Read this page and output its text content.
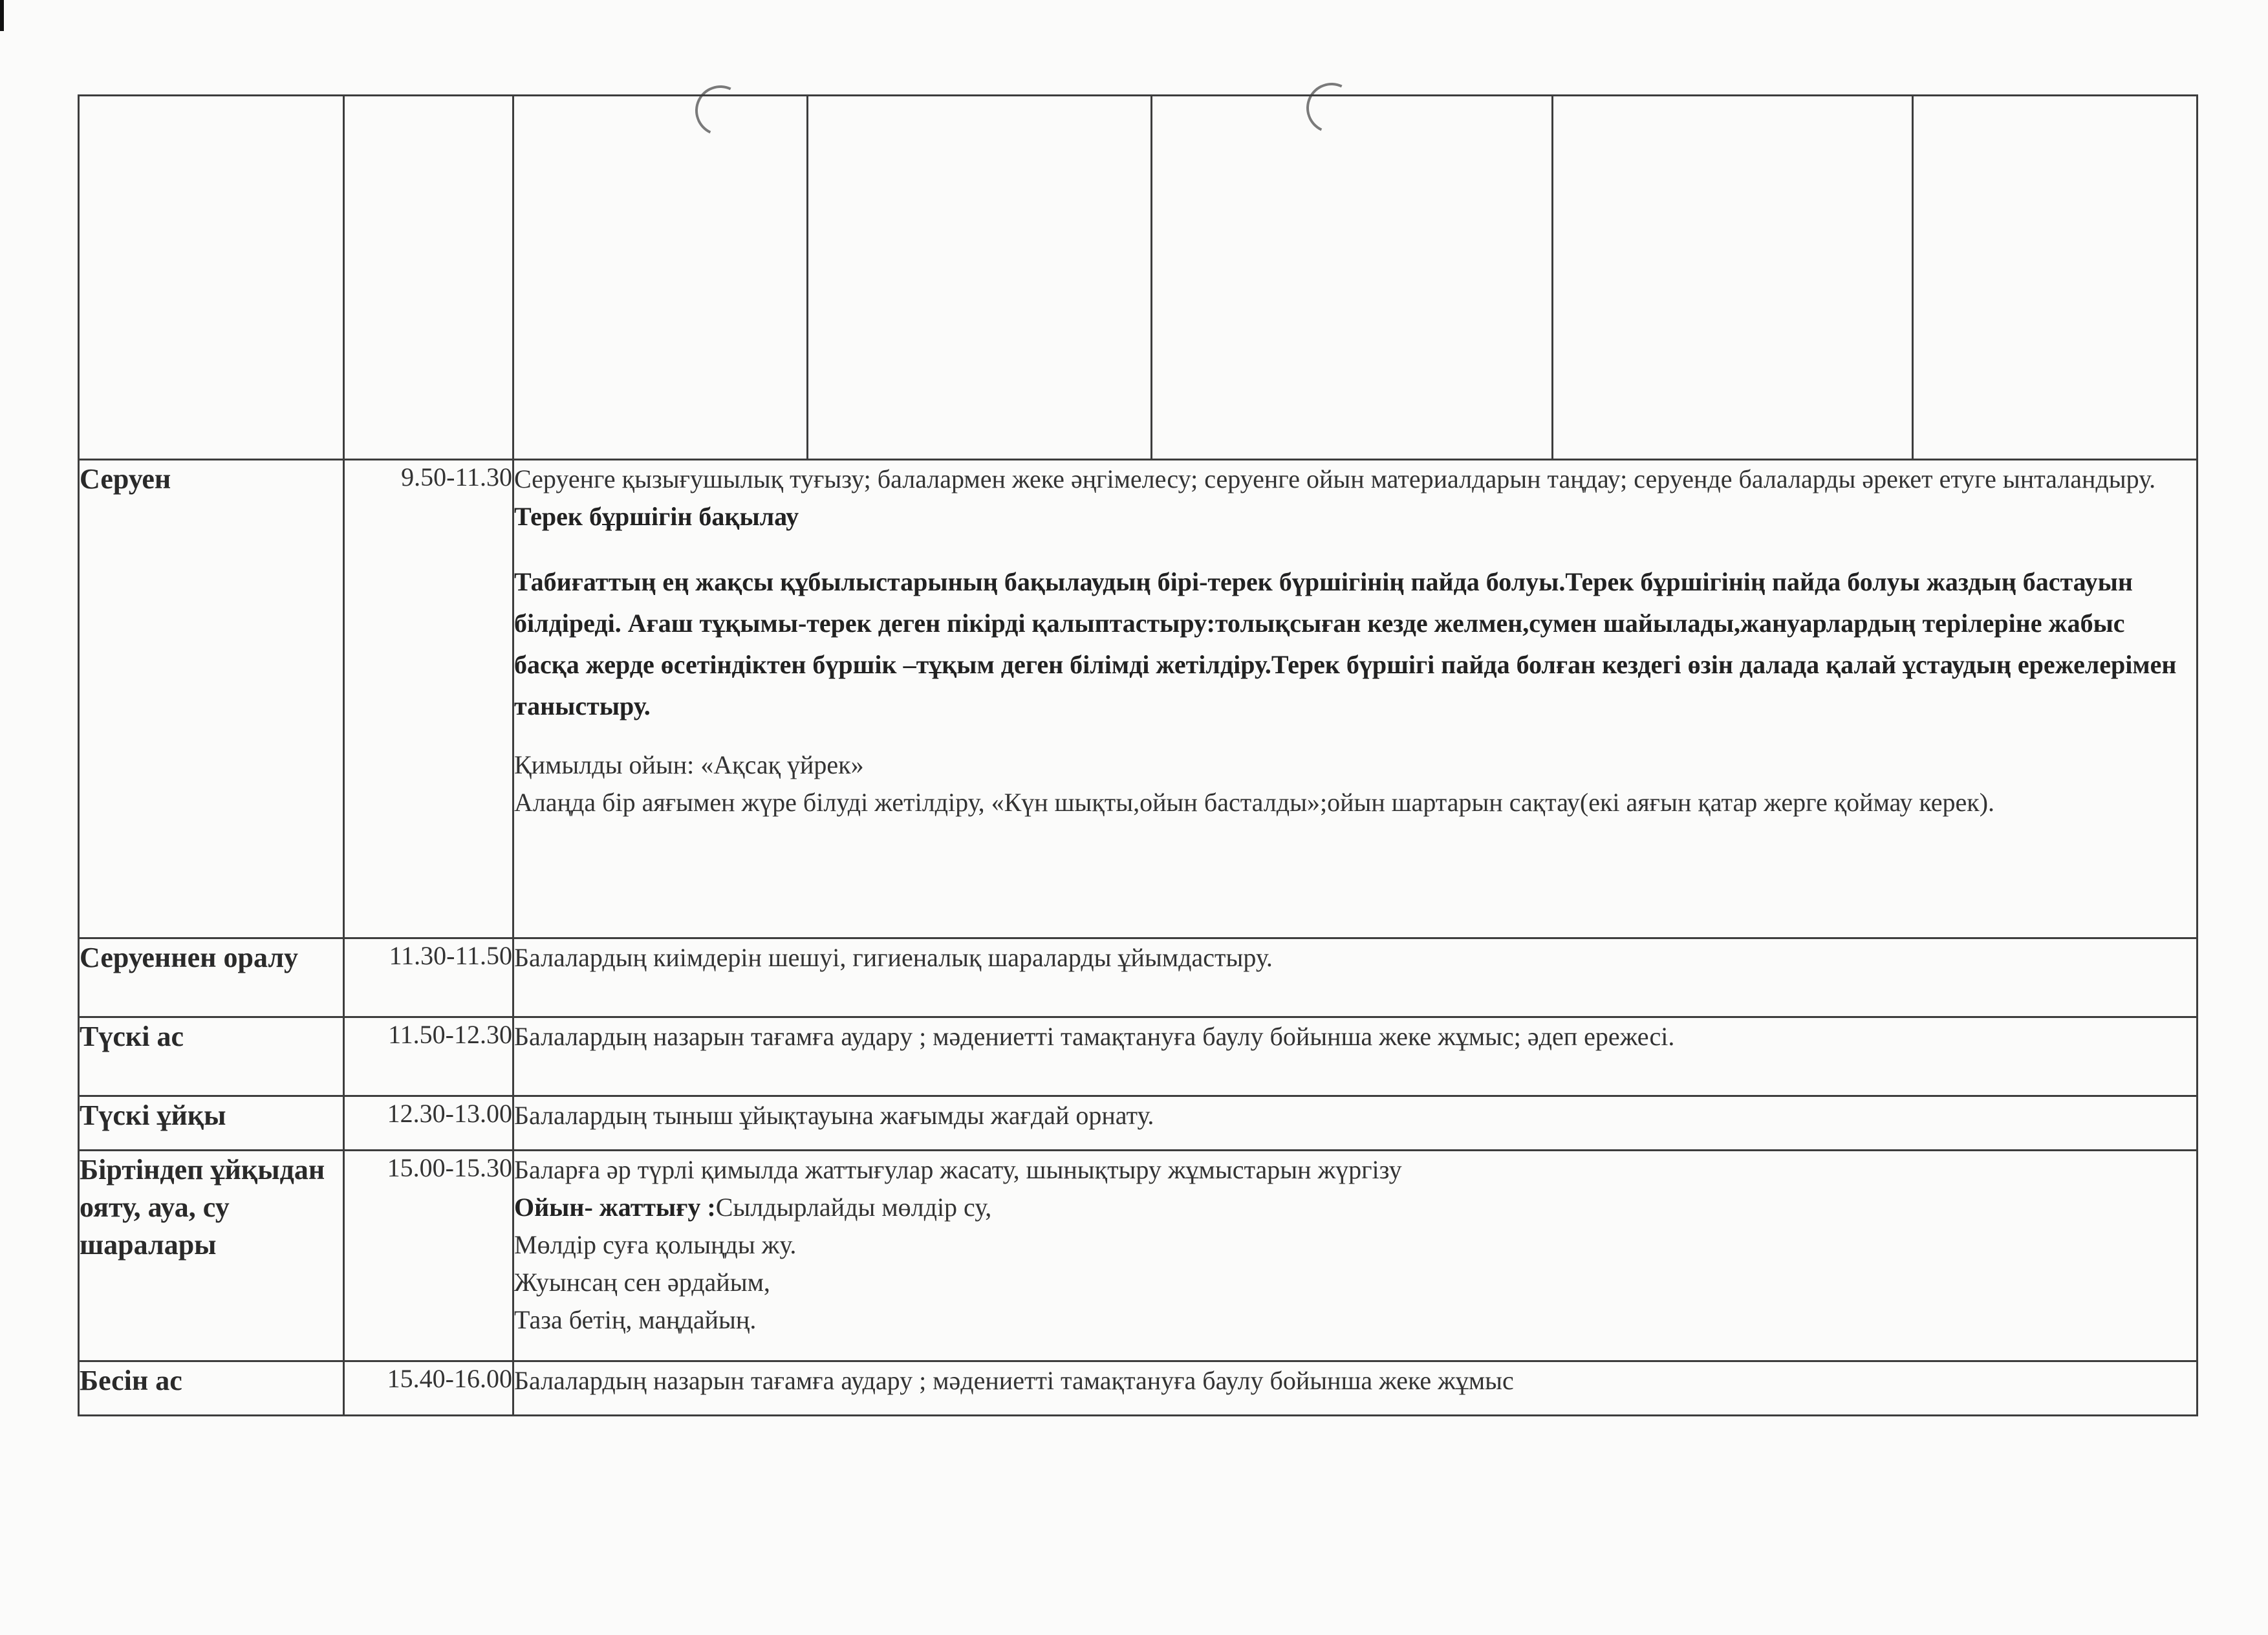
Серуен	9.50-11.30	Серуенге қызығушылық туғызу; балалармен жеке әңгімелесу; серуенге ойын материалдарын таңдау; серуенде балаларды әрекет етуге ынталандыру.

Терек бұршігін бақылау

Табиғаттың ең жақсы құбылыстарының бақылаудың бірі-терек бүршігінің пайда болуы.Терек бұршігінің пайда болуы жаздың бастауын білдіреді. Ағаш тұқымы-терек деген пікірді қалыптастыру:толықсыған кезде желмен,сумен шайылады,жануарлардың терілеріне жабыс басқа жерде өсетіндіктен бүршік –тұқым деген білімді жетілдіру.Терек бүршігі пайда болған кездегі өзін далада қалай ұстаудың ережелерімен таныстыру.

Қимылды ойын: «Ақсақ үйрек»

Алаңда бір аяғымен жүре білуді жетілдіру, «Күн шықты,ойын басталды»;ойын шартарын сақтау(екі аяғын қатар жерге қоймау керек).

Серуеннен оралу	11.30-11.50	Балалардың киімдерін шешуі, гигиеналық шараларды ұйымдастыру.
Түскі ас	11.50-12.30	Балалардың назарын тағамға аудару ; мәдениетті тамақтануға баулу бойынша жеке жұмыс; әдеп ережесі.
Түскі ұйқы	12.30-13.00	Балалардың тыныш ұйықтауына жағымды жағдай орнату.
Біртіндеп ұйқыдан ояту, ауа, су шаралары	15.00-15.30	Баларға әр түрлі қимылда жаттығулар жасату, шынықтыру жұмыстарын жүргізу

Ойын- жаттығу :Сылдырлайды мөлдір су,

Мөлдір суға қолыңды жу.

Жуынсаң сен әрдайым,

Таза бетің, маңдайың.

Бесін ас	15.40-16.00	Балалардың назарын тағамға аудару ; мәдениетті тамақтануға баулу бойынша жеке жұмыс
